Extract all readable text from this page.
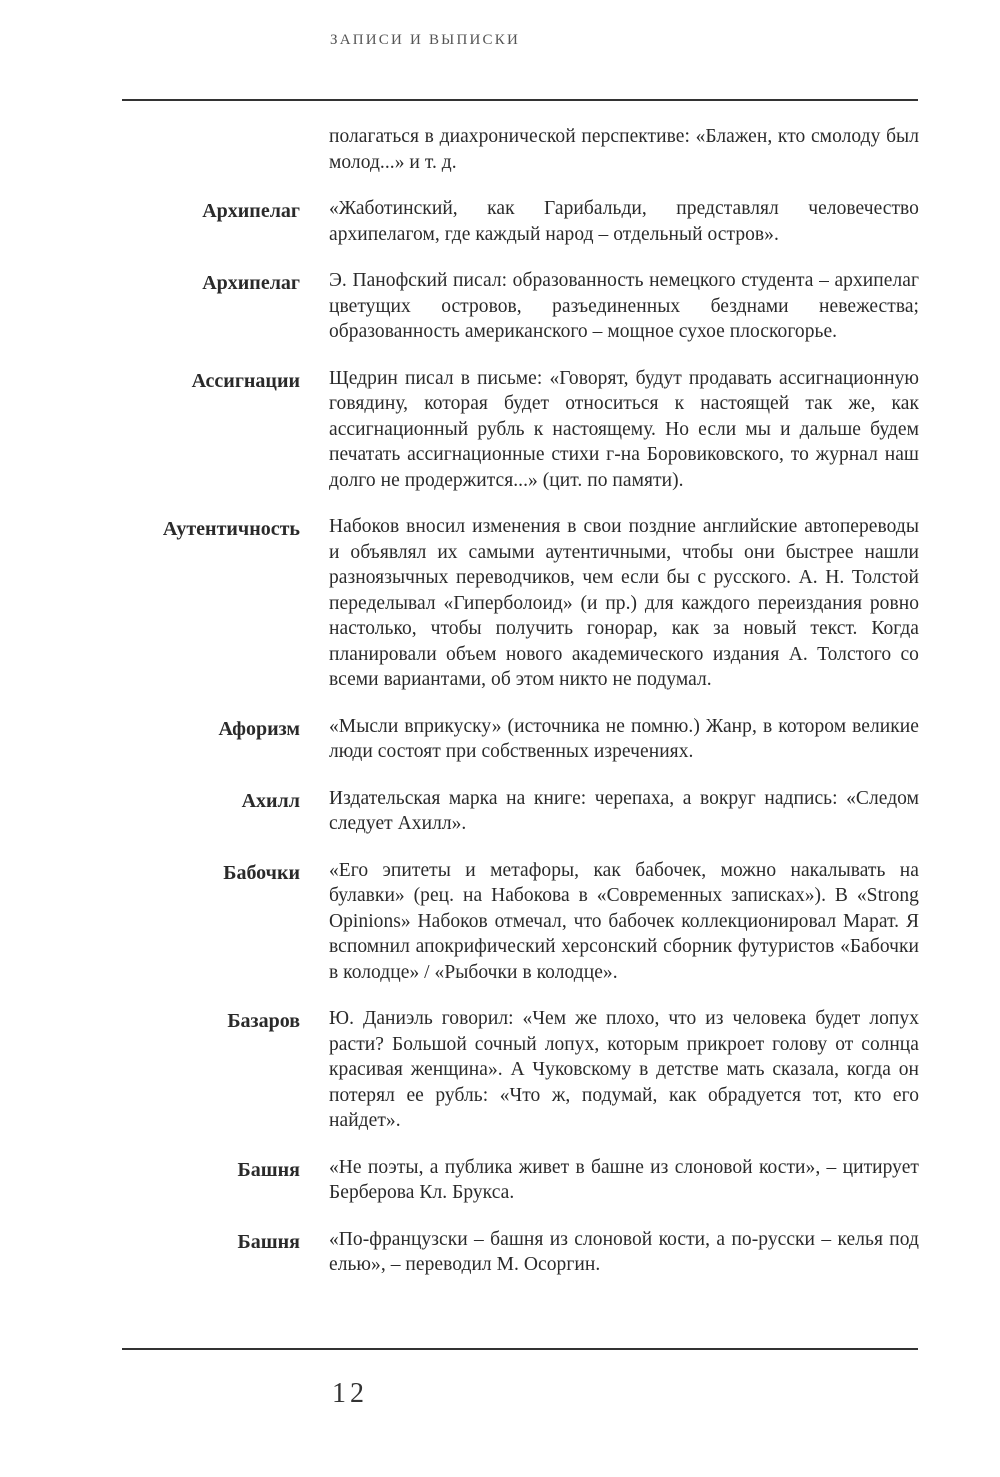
ЗАПИСИ И ВЫПИСКИ
полагаться в диахронической перспективе: «Блажен, кто смолоду был молод...» и т. д.
Архипелаг «Жаботинский, как Гарибальди, представлял человечество архипелагом, где каждый народ – отдельный остров».
Архипелаг Э. Панофский писал: образованность немецкого студента – архипелаг цветущих островов, разъединенных безднами невежества; образованность американского – мощное сухое плоскогорье.
Ассигнации Щедрин писал в письме: «Говорят, будут продавать ассигнационную говядину, которая будет относиться к настоящей так же, как ассигнационный рубль к настоящему. Но если мы и дальше будем печатать ассигнационные стихи г-на Боровиковского, то журнал наш долго не продержится...» (цит. по памяти).
Аутентичность Набоков вносил изменения в свои поздние английские автопереводы и объявлял их самыми аутентичными, чтобы они быстрее нашли разноязычных переводчиков, чем если бы с русского. А. Н. Толстой переделывал «Гиперболоид» (и пр.) для каждого переиздания ровно настолько, чтобы получить гонорар, как за новый текст. Когда планировали объем нового академического издания А. Толстого со всеми вариантами, об этом никто не подумал.
Афоризм «Мысли вприкуску» (источника не помню.) Жанр, в котором великие люди состоят при собственных изречениях.
Ахилл Издательская марка на книге: черепаха, а вокруг надпись: «Следом следует Ахилл».
Бабочки «Его эпитеты и метафоры, как бабочек, можно накалывать на булавки» (рец. на Набокова в «Современных записках»). В «Strong Opinions» Набоков отмечал, что бабочек коллекционировал Марат. Я вспомнил апокрифический херсонский сборник футуристов «Бабочки в колодце» / «Рыбочки в колодце».
Базаров Ю. Даниэль говорил: «Чем же плохо, что из человека будет лопух расти? Большой сочный лопух, которым прикроет голову от солнца красивая женщина». А Чуковскому в детстве мать сказала, когда он потерял ее рубль: «Что ж, подумай, как обрадуется тот, кто его найдет».
Башня «Не поэты, а публика живет в башне из слоновой кости», – цитирует Берберова Кл. Брукса.
Башня «По-французски – башня из слоновой кости, а по-русски – келья под елью», – переводил М. Осоргин.
12
